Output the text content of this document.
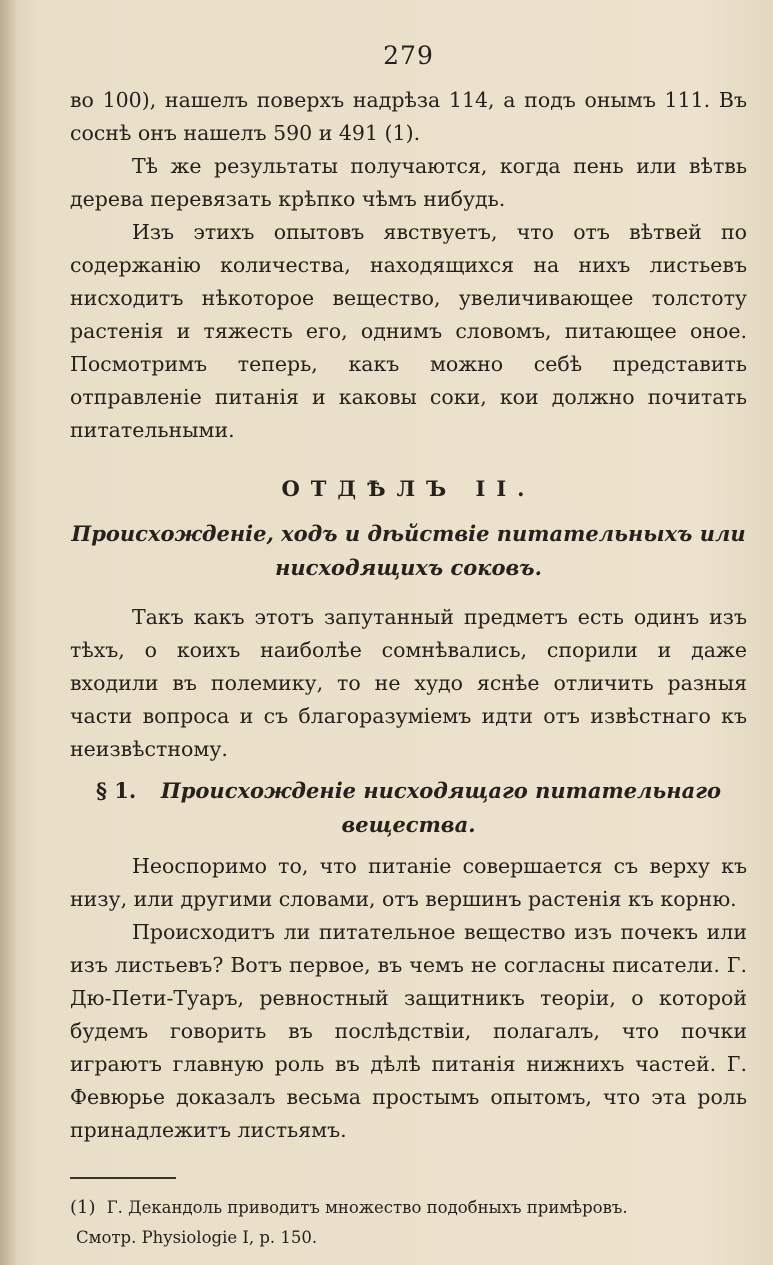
279

во 100), нашелъ поверхъ надрѣза 114, а подъ онымъ 111. Въ соснѣ онъ нашелъ 590 и 491 (1).

Тѣ же результаты получаются, когда пень или вѣтвь дерева перевязать крѣпко чѣмъ нибудь.

Изъ этихъ опытовъ явствуетъ, что отъ вѣтвей по содержанію количества, находящихся на нихъ листьевъ нисходитъ нѣкоторое вещество, увеличивающее толстоту растенія и тяжесть его, однимъ словомъ, питающее оное. Посмотримъ теперь, какъ можно себѣ представить отправленіе питанія и каковы соки, кои должно почитать питательными.

ОТДѢЛЪ II.
Происхожденіе, ходъ и дѣйствіе питательныхъ или нисходящихъ соковъ.

Такъ какъ этотъ запутанный предметъ есть одинъ изъ тѣхъ, о коихъ наиболѣе сомнѣвались, спорили и даже входили въ полемику, то не худо яснѣе отличить разныя части вопроса и съ благоразуміемъ идти отъ извѣстнаго къ неизвѣстному.

§ 1. Происхожденіе нисходящаго питательнаго вещества.

Неоспоримо то, что питаніе совершается съ верху къ низу, или другими словами, отъ вершинъ растенія къ корню.

Происходитъ ли питательное вещество изъ почекъ или изъ листьевъ? Вотъ первое, въ чемъ не согласны писатели. Г. Дю-Пети-Туаръ, ревностный защитникъ теоріи, о которой будемъ говорить въ послѣдствіи, полагалъ, что почки играютъ главную роль въ дѣлѣ питанія нижнихъ частей. Г. Февюрье доказалъ весьма простымъ опытомъ, что эта роль принадлежитъ листьямъ.

(1) Г. Декандоль приводитъ множество подобныхъ примѣровъ.
Смотр. Physiologie I, p. 150.
